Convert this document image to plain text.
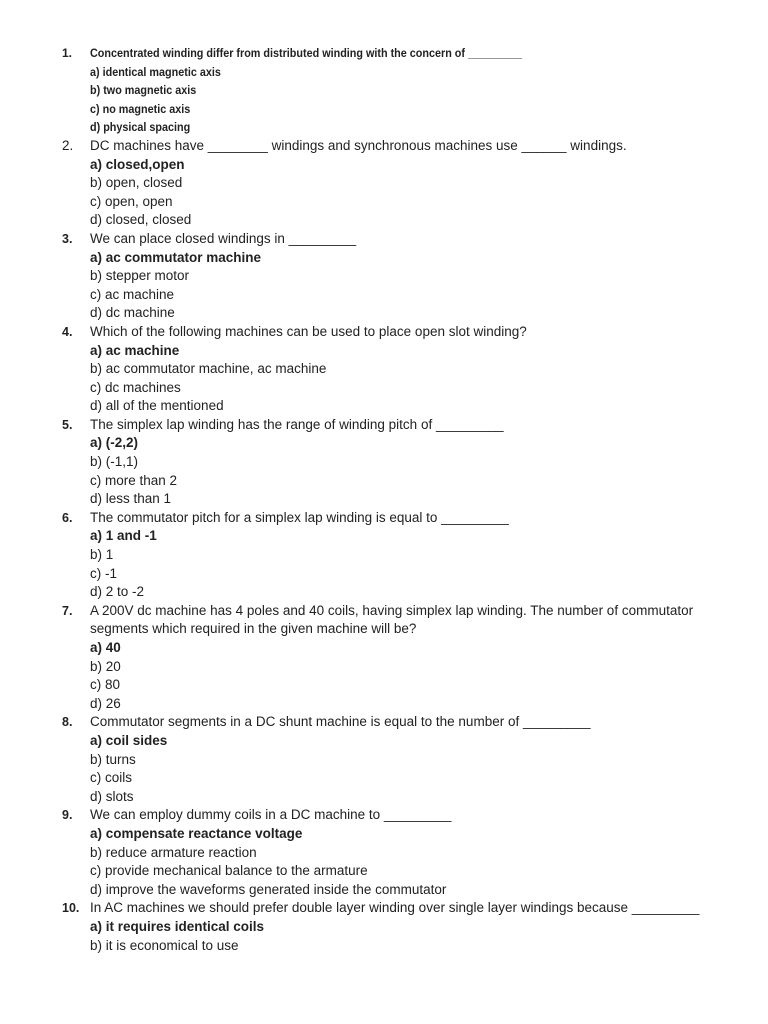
1.	Concentrated winding differ from distributed winding with the concern of _________
a) identical magnetic axis
b) two magnetic axis
c) no magnetic axis
d) physical spacing
2.	DC machines have ________ windings and synchronous machines use ______ windings.
a) closed,open
b) open, closed
c) open, open
d) closed, closed
3.	We can place closed windings in _________
a) ac commutator machine
b) stepper motor
c) ac machine
d) dc machine
4.	Which of the following machines can be used to place open slot winding?
a) ac machine
b) ac commutator machine, ac machine
c) dc machines
d) all of the mentioned
5.	The simplex lap winding has the range of winding pitch of _________
a) (-2,2)
b) (-1,1)
c) more than 2
d) less than 1
6.	The commutator pitch for a simplex lap winding is equal to _________
a) 1 and -1
b) 1
c) -1
d) 2 to -2
7.	A 200V dc machine has 4 poles and 40 coils, having simplex lap winding. The number of commutator segments which required in the given machine will be?
a) 40
b) 20
c) 80
d) 26
8.	Commutator segments in a DC shunt machine is equal to the number of _________
a) coil sides
b) turns
c) coils
d) slots
9.	We can employ dummy coils in a DC machine to _________
a) compensate reactance voltage
b) reduce armature reaction
c) provide mechanical balance to the armature
d) improve the waveforms generated inside the commutator
10. In AC machines we should prefer double layer winding over single layer windings because _________
a) it requires identical coils
b) it is economical to use
